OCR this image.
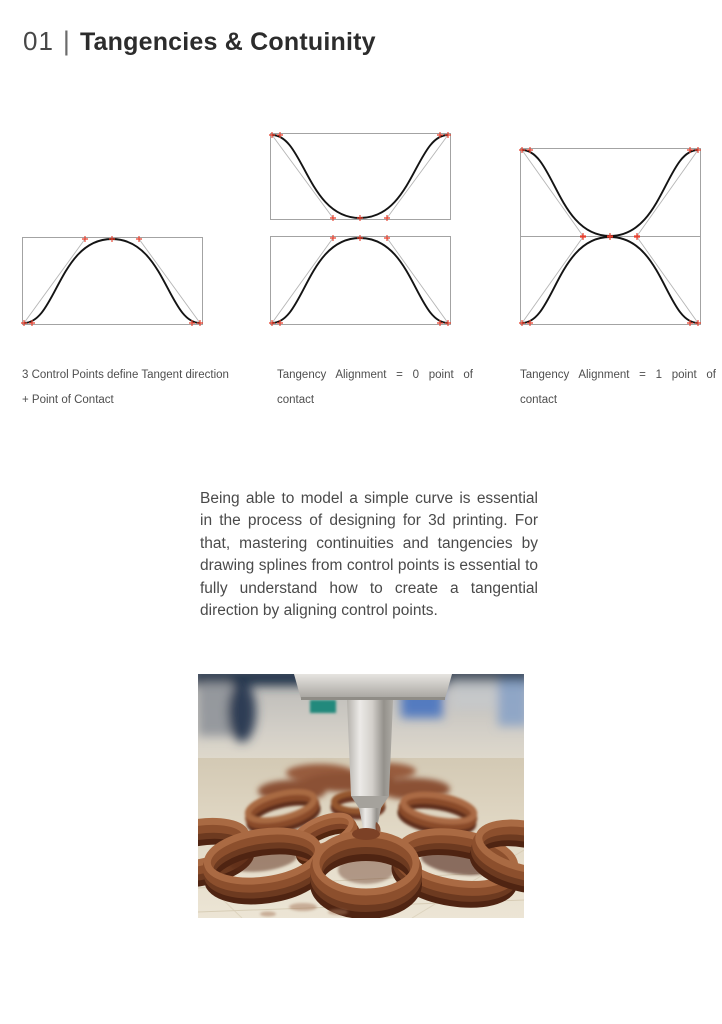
01 | Tangencies & Contuinity
3 Control Points define Tangent direction
+ Point of Contact
Tangency Alignment = 0 point of contact
Tangency Alignment = 1 point of contact

Being able to model a simple curve is essential in the process of designing for 3d printing. For that, mastering continuities and tangencies by drawing splines from control points is essential to fully understand how to create a tangential direction by aligning control points.
